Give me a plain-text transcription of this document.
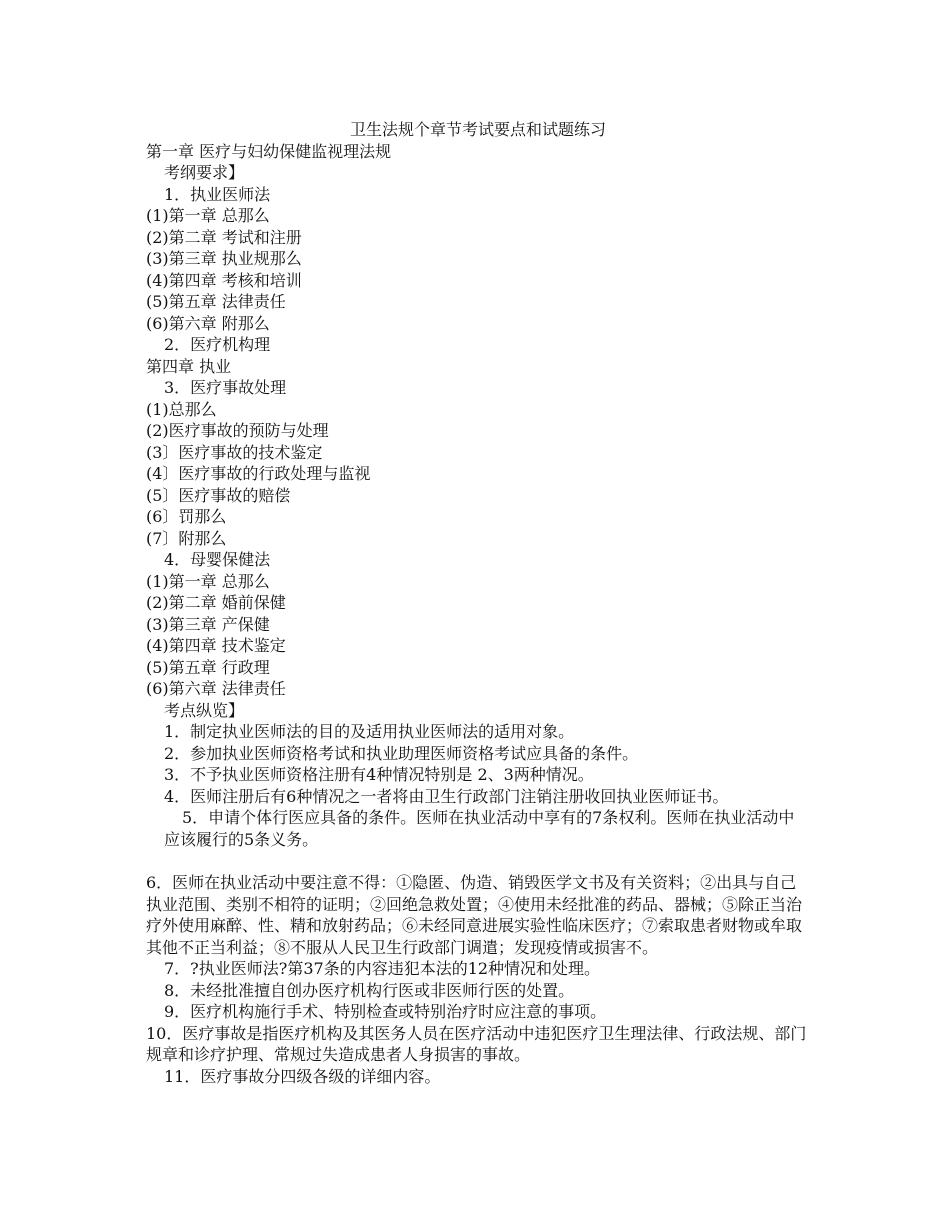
卫生法规个章节考试要点和试题练习

第一章 医疗与妇幼保健监视理法规

考纲要求】

1．执业医师法

(1)第一章 总那么

(2)第二章 考试和注册

(3)第三章 执业规那么

(4)第四章 考核和培训

(5)第五章 法律责任

(6)第六章 附那么

2．医疗机构理

第四章 执业

3．医疗事故处理

(1)总那么

(2)医疗事故的预防与处理

(3〕医疗事故的技术鉴定

(4〕医疗事故的行政处理与监视

(5〕医疗事故的赔偿

(6〕罚那么

(7〕附那么

4．母婴保健法

(1)第一章 总那么

(2)第二章 婚前保健

(3)第三章 产保健

(4)第四章 技术鉴定

(5)第五章 行政理

(6)第六章 法律责任

考点纵览】

1．制定执业医师法的目的及适用执业医师法的适用对象。

2．参加执业医师资格考试和执业助理医师资格考试应具备的条件。

3．不予执业医师资格注册有4种情况特别是 2、3两种情况。

4．医师注册后有6种情况之一者将由卫生行政部门注销注册收回执业医师证书。

5．申请个体行医应具备的条件。医师在执业活动中享有的7条权利。医师在执业活动中应该履行的5条义务。

6．医师在执业活动中要注意不得：①隐匿、伪造、销毁医学文书及有关资料；②出具与自己执业范围、类别不相符的证明；②回绝急救处置；④使用未经批准的药品、器械；⑤除正当治疗外使用麻醉、性、精和放射药品；⑥未经同意进展实验性临床医疗；⑦索取患者财物或牟取其他不正当利益；⑧不服从人民卫生行政部门调遣；发现疫情或损害不。

7．?执业医师法?第37条的内容违犯本法的12种情况和处理。

8．未经批准擅自创办医疗机构行医或非医师行医的处置。

9．医疗机构施行手术、特别检查或特别治疗时应注意的事项。

10．医疗事故是指医疗机构及其医务人员在医疗活动中违犯医疗卫生理法律、行政法规、部门规章和诊疗护理、常规过失造成患者人身损害的事故。

11．医疗事故分四级各级的详细内容。
